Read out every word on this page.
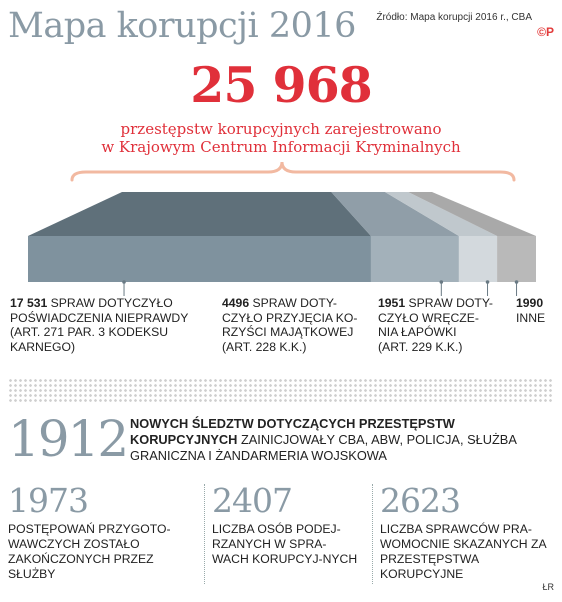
Mapa korupcji 2016 Źródło: Mapa korupcji 2016 r., CBA
©P
25 968
przestępstw korupcyjnych zarejestrowano
w Krajowym Centrum Informacji Kryminalnych
17 531 SPRAW DOTYCZYŁO
POŚWIADCZENIA NIEPRAWDY
(ART. 271 PAR. 3 KODEKSU
KARNEGO)
4496 SPRAW DOTY-
CZYŁO PRZYJĘCIA KO-
RZYŚCI MAJĄTKOWEJ
(ART. 228 K.K.)
1951 SPRAW DOTY-
CZYŁO WRĘCZE-
NIA ŁAPÓWKI
(ART. 229 K.K.)
1990
INNE
1912 NOWYCH ŚLEDZTW DOTYCZĄCYCH PRZESTĘPSTW KORUPCYJNYCH ZAINICJOWAŁY CBA, ABW, POLICJA, SŁUŻBA GRANICZNA I ŻANDARMERIA WOJSKOWA
1973
POSTĘPOWAŃ PRZYGOTO-WAWCZYCH ZOSTAŁO ZAKOŃCZONYCH PRZEZ SŁUŻBY
2407
LICZBA OSÓB PODEJ-RZANYCH W SPRA-WACH KORUPCYJ-NYCH
2623
LICZBA SPRAWCÓW PRA-WOMOCNIE SKAZANYCH ZA PRZESTĘPSTWA KORUPCYJNE
ŁR
